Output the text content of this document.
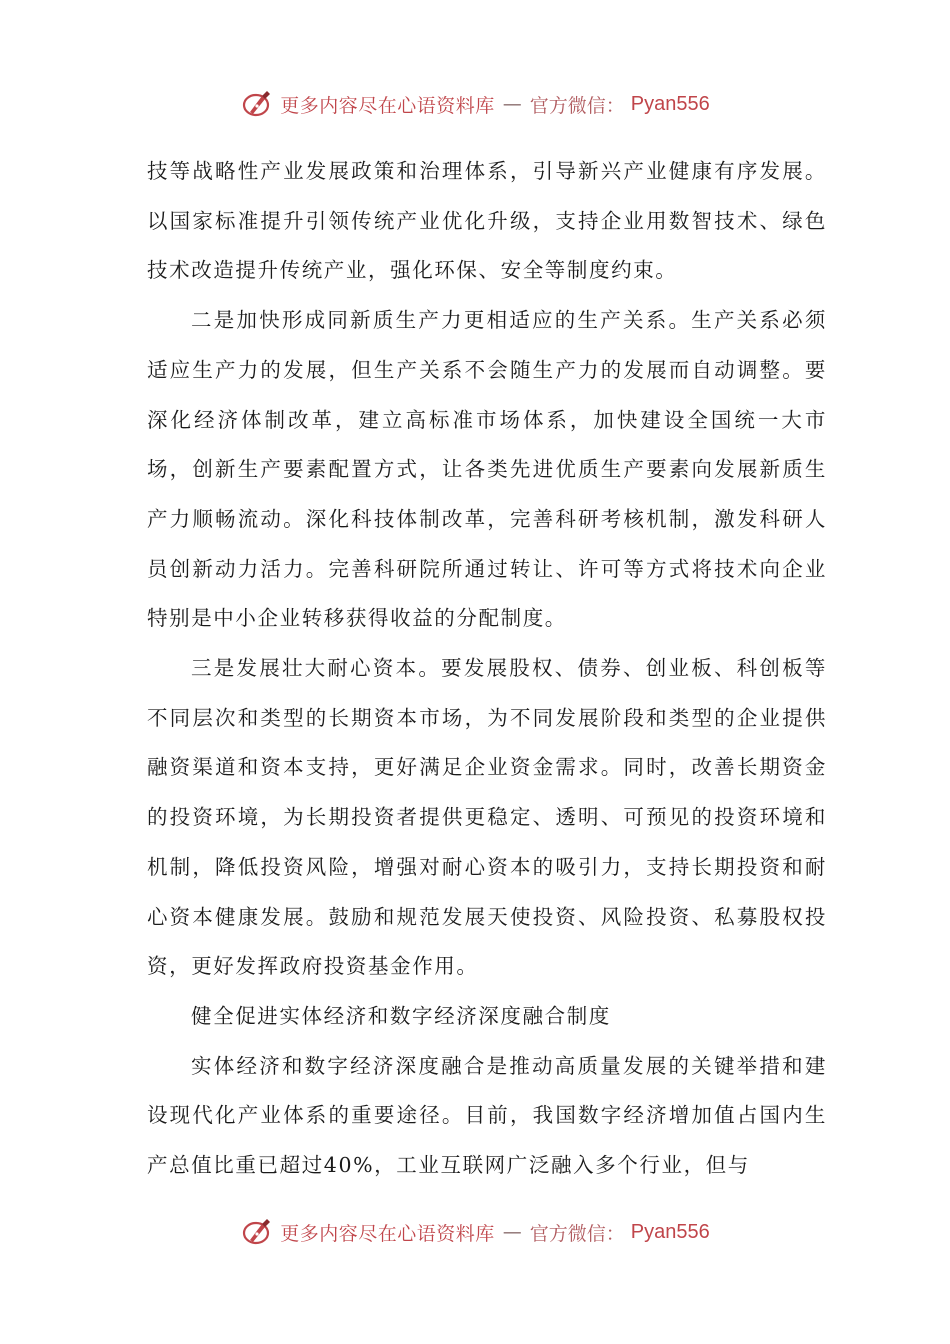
更多内容尽在心语资料库 — 官方微信： Pyan556

技等战略性产业发展政策和治理体系，引导新兴产业健康有序发展。以国家标准提升引领传统产业优化升级，支持企业用数智技术、绿色技术改造提升传统产业，强化环保、安全等制度约束。

二是加快形成同新质生产力更相适应的生产关系。生产关系必须适应生产力的发展，但生产关系不会随生产力的发展而自动调整。要深化经济体制改革，建立高标准市场体系，加快建设全国统一大市场，创新生产要素配置方式，让各类先进优质生产要素向发展新质生产力顺畅流动。深化科技体制改革，完善科研考核机制，激发科研人员创新动力活力。完善科研院所通过转让、许可等方式将技术向企业特别是中小企业转移获得收益的分配制度。

三是发展壮大耐心资本。要发展股权、债券、创业板、科创板等不同层次和类型的长期资本市场，为不同发展阶段和类型的企业提供融资渠道和资本支持，更好满足企业资金需求。同时，改善长期资金的投资环境，为长期投资者提供更稳定、透明、可预见的投资环境和机制，降低投资风险，增强对耐心资本的吸引力，支持长期投资和耐心资本健康发展。鼓励和规范发展天使投资、风险投资、私募股权投资，更好发挥政府投资基金作用。

健全促进实体经济和数字经济深度融合制度

实体经济和数字经济深度融合是推动高质量发展的关键举措和建设现代化产业体系的重要途径。目前，我国数字经济增加值占国内生产总值比重已超过40%，工业互联网广泛融入多个行业，但与

更多内容尽在心语资料库 — 官方微信： Pyan556
